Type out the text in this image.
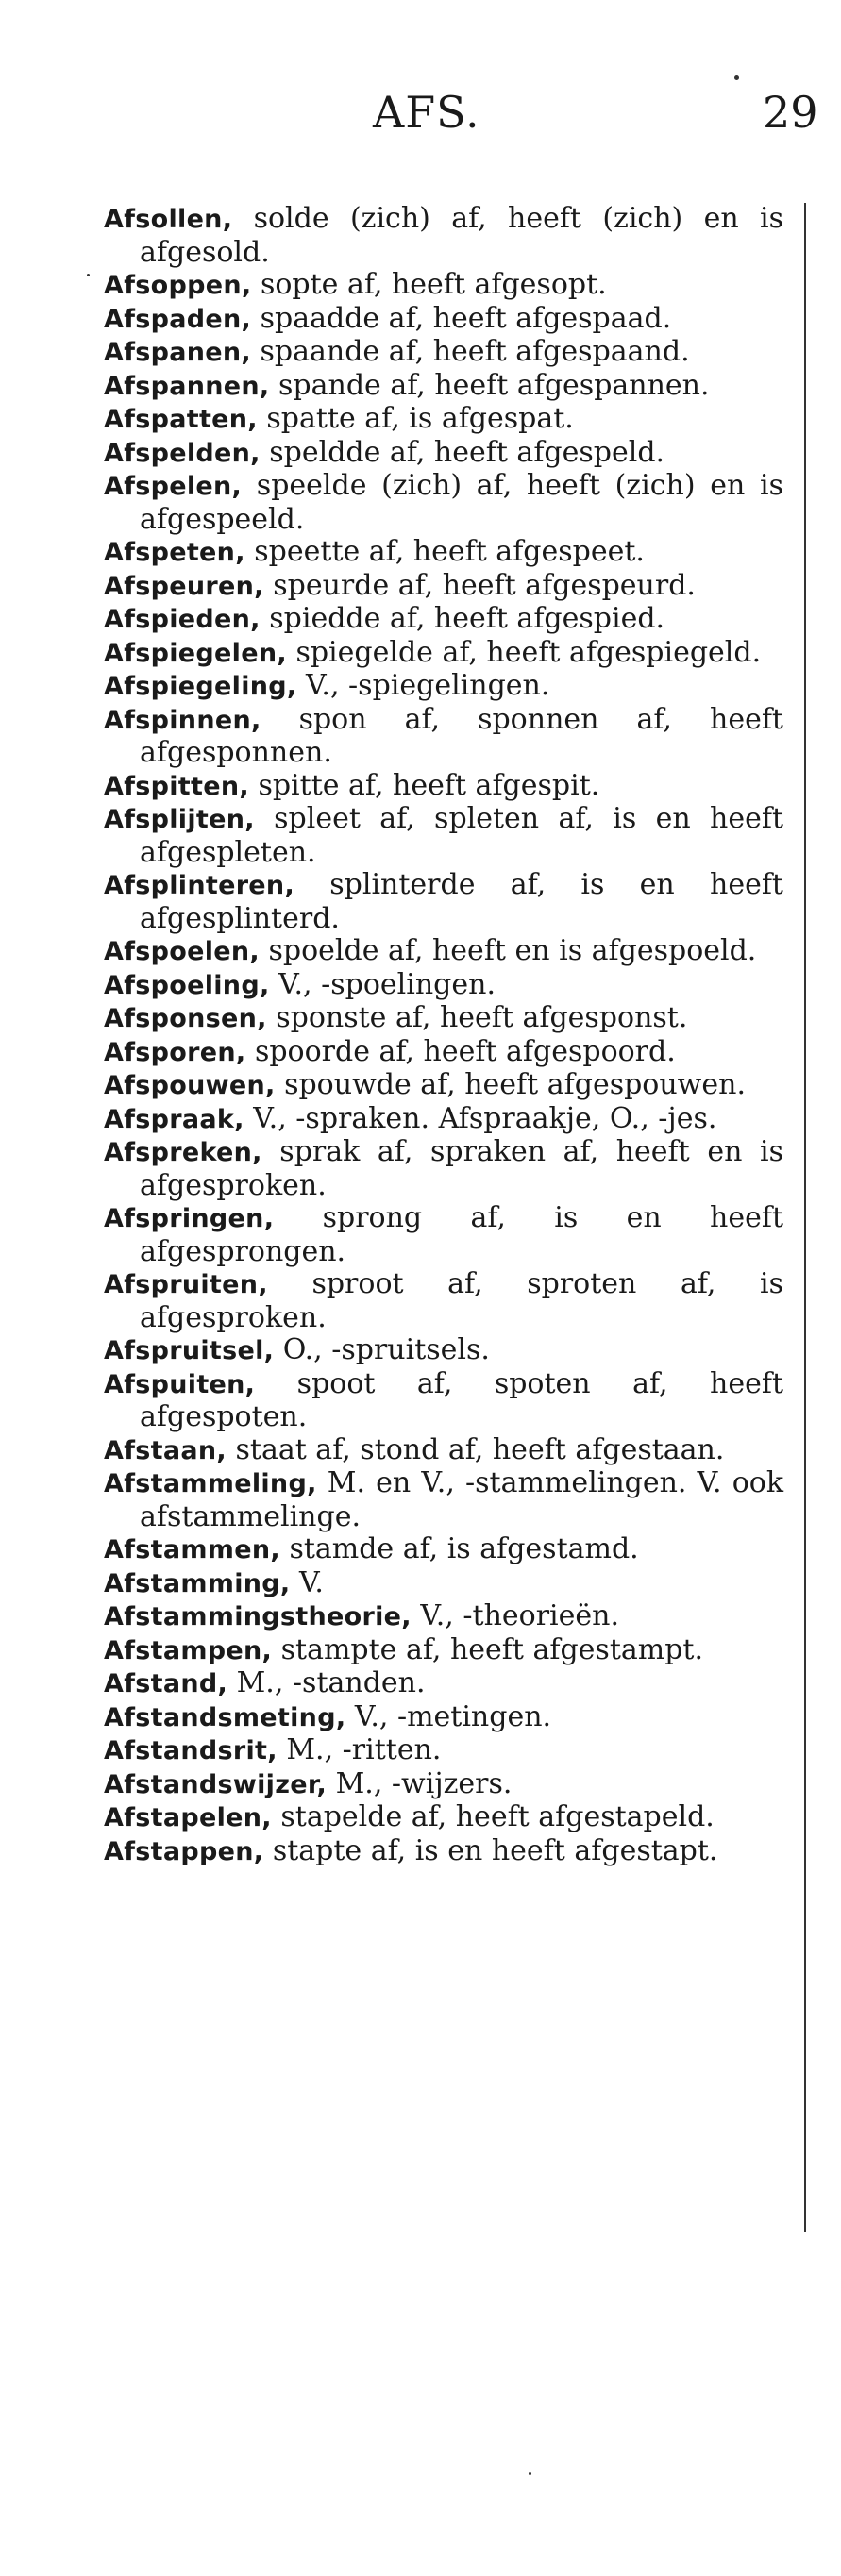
AFS.	29
Afsollen, solde (zich) af, heeft (zich) en is afgesold.
Afsoppen, sopte af, heeft afgesopt.
Afspaden, spaadde af, heeft afgespaad.
Afspanen, spaande af, heeft afgespaand.
Afspannen, spande af, heeft afgespannen.
Afspatten, spatte af, is afgespat.
Afspelden, speldde af, heeft afgespeld.
Afspelen, speelde (zich) af, heeft (zich) en is afgespeeld.
Afspeten, speette af, heeft afgespeet.
Afspeuren, speurde af, heeft afgespeurd.
Afspieden, spiedde af, heeft afgespied.
Afspiegelen, spiegelde af, heeft afgespiegeld.
Afspiegeling, V., -spiegelingen.
Afspinnen, spon af, sponnen af, heeft afgesponnen.
Afspitten, spitte af, heeft afgespit.
Afsplijten, spleet af, spleten af, is en heeft afgespleten.
Afsplinteren, splinterde af, is en heeft afgesplinterd.
Afspoelen, spoelde af, heeft en is afgespoeld.
Afspoeling, V., -spoelingen.
Afsponsen, sponste af, heeft afgesponst.
Afsporen, spoorde af, heeft afgespoord.
Afspouwen, spouwde af, heeft afgespouwen.
Afspraak, V., -spraken. Afspraakje, O., -jes.
Afspreken, sprak af, spraken af, heeft en is afgesproken.
Afspringen, sprong af, is en heeft afgesprongen.
Afspruiten, sproot af, sproten af, is afgesproken.
Afspruitsel, O., -spruitsels.
Afspuiten, spoot af, spoten af, heeft afgespoten.
Afstaan, staat af, stond af, heeft afgestaan.
Afstammeling, M. en V., -stammelingen. V. ook afstammelinge.
Afstammen, stamde af, is afgestamd.
Afstamming, V.
Afstammingstheorie, V., -theorieën.
Afstampen, stampte af, heeft afgestampt.
Afstand, M., -standen.
Afstandsmeting, V., -metingen.
Afstandsrit, M., -ritten.
Afstandswijzer, M., -wijzers.
Afstapelen, stapelde af, heeft afgestapeld.
Afstappen, stapte af, is en heeft afgestapt.
